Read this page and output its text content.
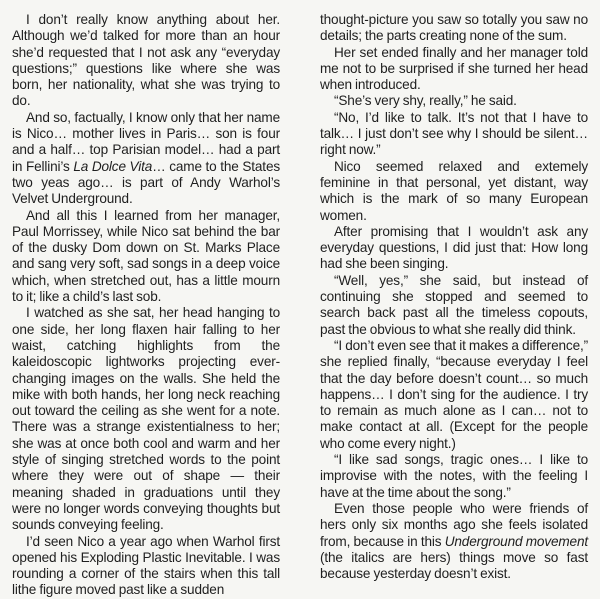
I don’t really know anything about her. Although we’d talked for more than an hour she’d requested that I not ask any “everyday questions;” questions like where she was born, her nationality, what she was trying to do.

And so, factually, I know only that her name is Nico… mother lives in Paris… son is four and a half… top Parisian model… had a part in Fellini’s La Dolce Vita… came to the States two yeas ago… is part of Andy Warhol’s Velvet Underground.

And all this I learned from her manager, Paul Morrissey, while Nico sat behind the bar of the dusky Dom down on St. Marks Place and sang very soft, sad songs in a deep voice which, when stretched out, has a little mourn to it; like a child’s last sob.

I watched as she sat, her head hanging to one side, her long flaxen hair falling to her waist, catching highlights from the kaleidoscopic lightworks projecting ever-changing images on the walls. She held the mike with both hands, her long neck reaching out toward the ceiling as she went for a note. There was a strange existentialness to her; she was at once both cool and warm and her style of singing stretched words to the point where they were out of shape — their meaning shaded in graduations until they were no longer words conveying thoughts but sounds conveying feeling.

I’d seen Nico a year ago when Warhol first opened his Exploding Plastic Inevitable. I was rounding a corner of the stairs when this tall lithe figure moved past like a sudden

thought-picture you saw so totally you saw no details; the parts creating none of the sum.

Her set ended finally and her manager told me not to be surprised if she turned her head when introduced.

“She’s very shy, really,” he said.

“No, I’d like to talk. It’s not that I have to talk… I just don’t see why I should be silent… right now.”

Nico seemed relaxed and extemely feminine in that personal, yet distant, way which is the mark of so many European women.

After promising that I wouldn’t ask any everyday questions, I did just that: How long had she been singing.

“Well, yes,” she said, but instead of continuing she stopped and seemed to search back past all the timeless copouts, past the obvious to what she really did think.

“I don’t even see that it makes a difference,” she replied finally, “because everyday I feel that the day before doesn’t count… so much happens… I don’t sing for the audience. I try to remain as much alone as I can… not to make contact at all. (Except for the people who come every night.)

“I like sad songs, tragic ones… I like to improvise with the notes, with the feeling I have at the time about the song.”

Even those people who were friends of hers only six months ago she feels isolated from, because in this Underground movement (the italics are hers) things move so fast because yesterday doesn’t exist.
